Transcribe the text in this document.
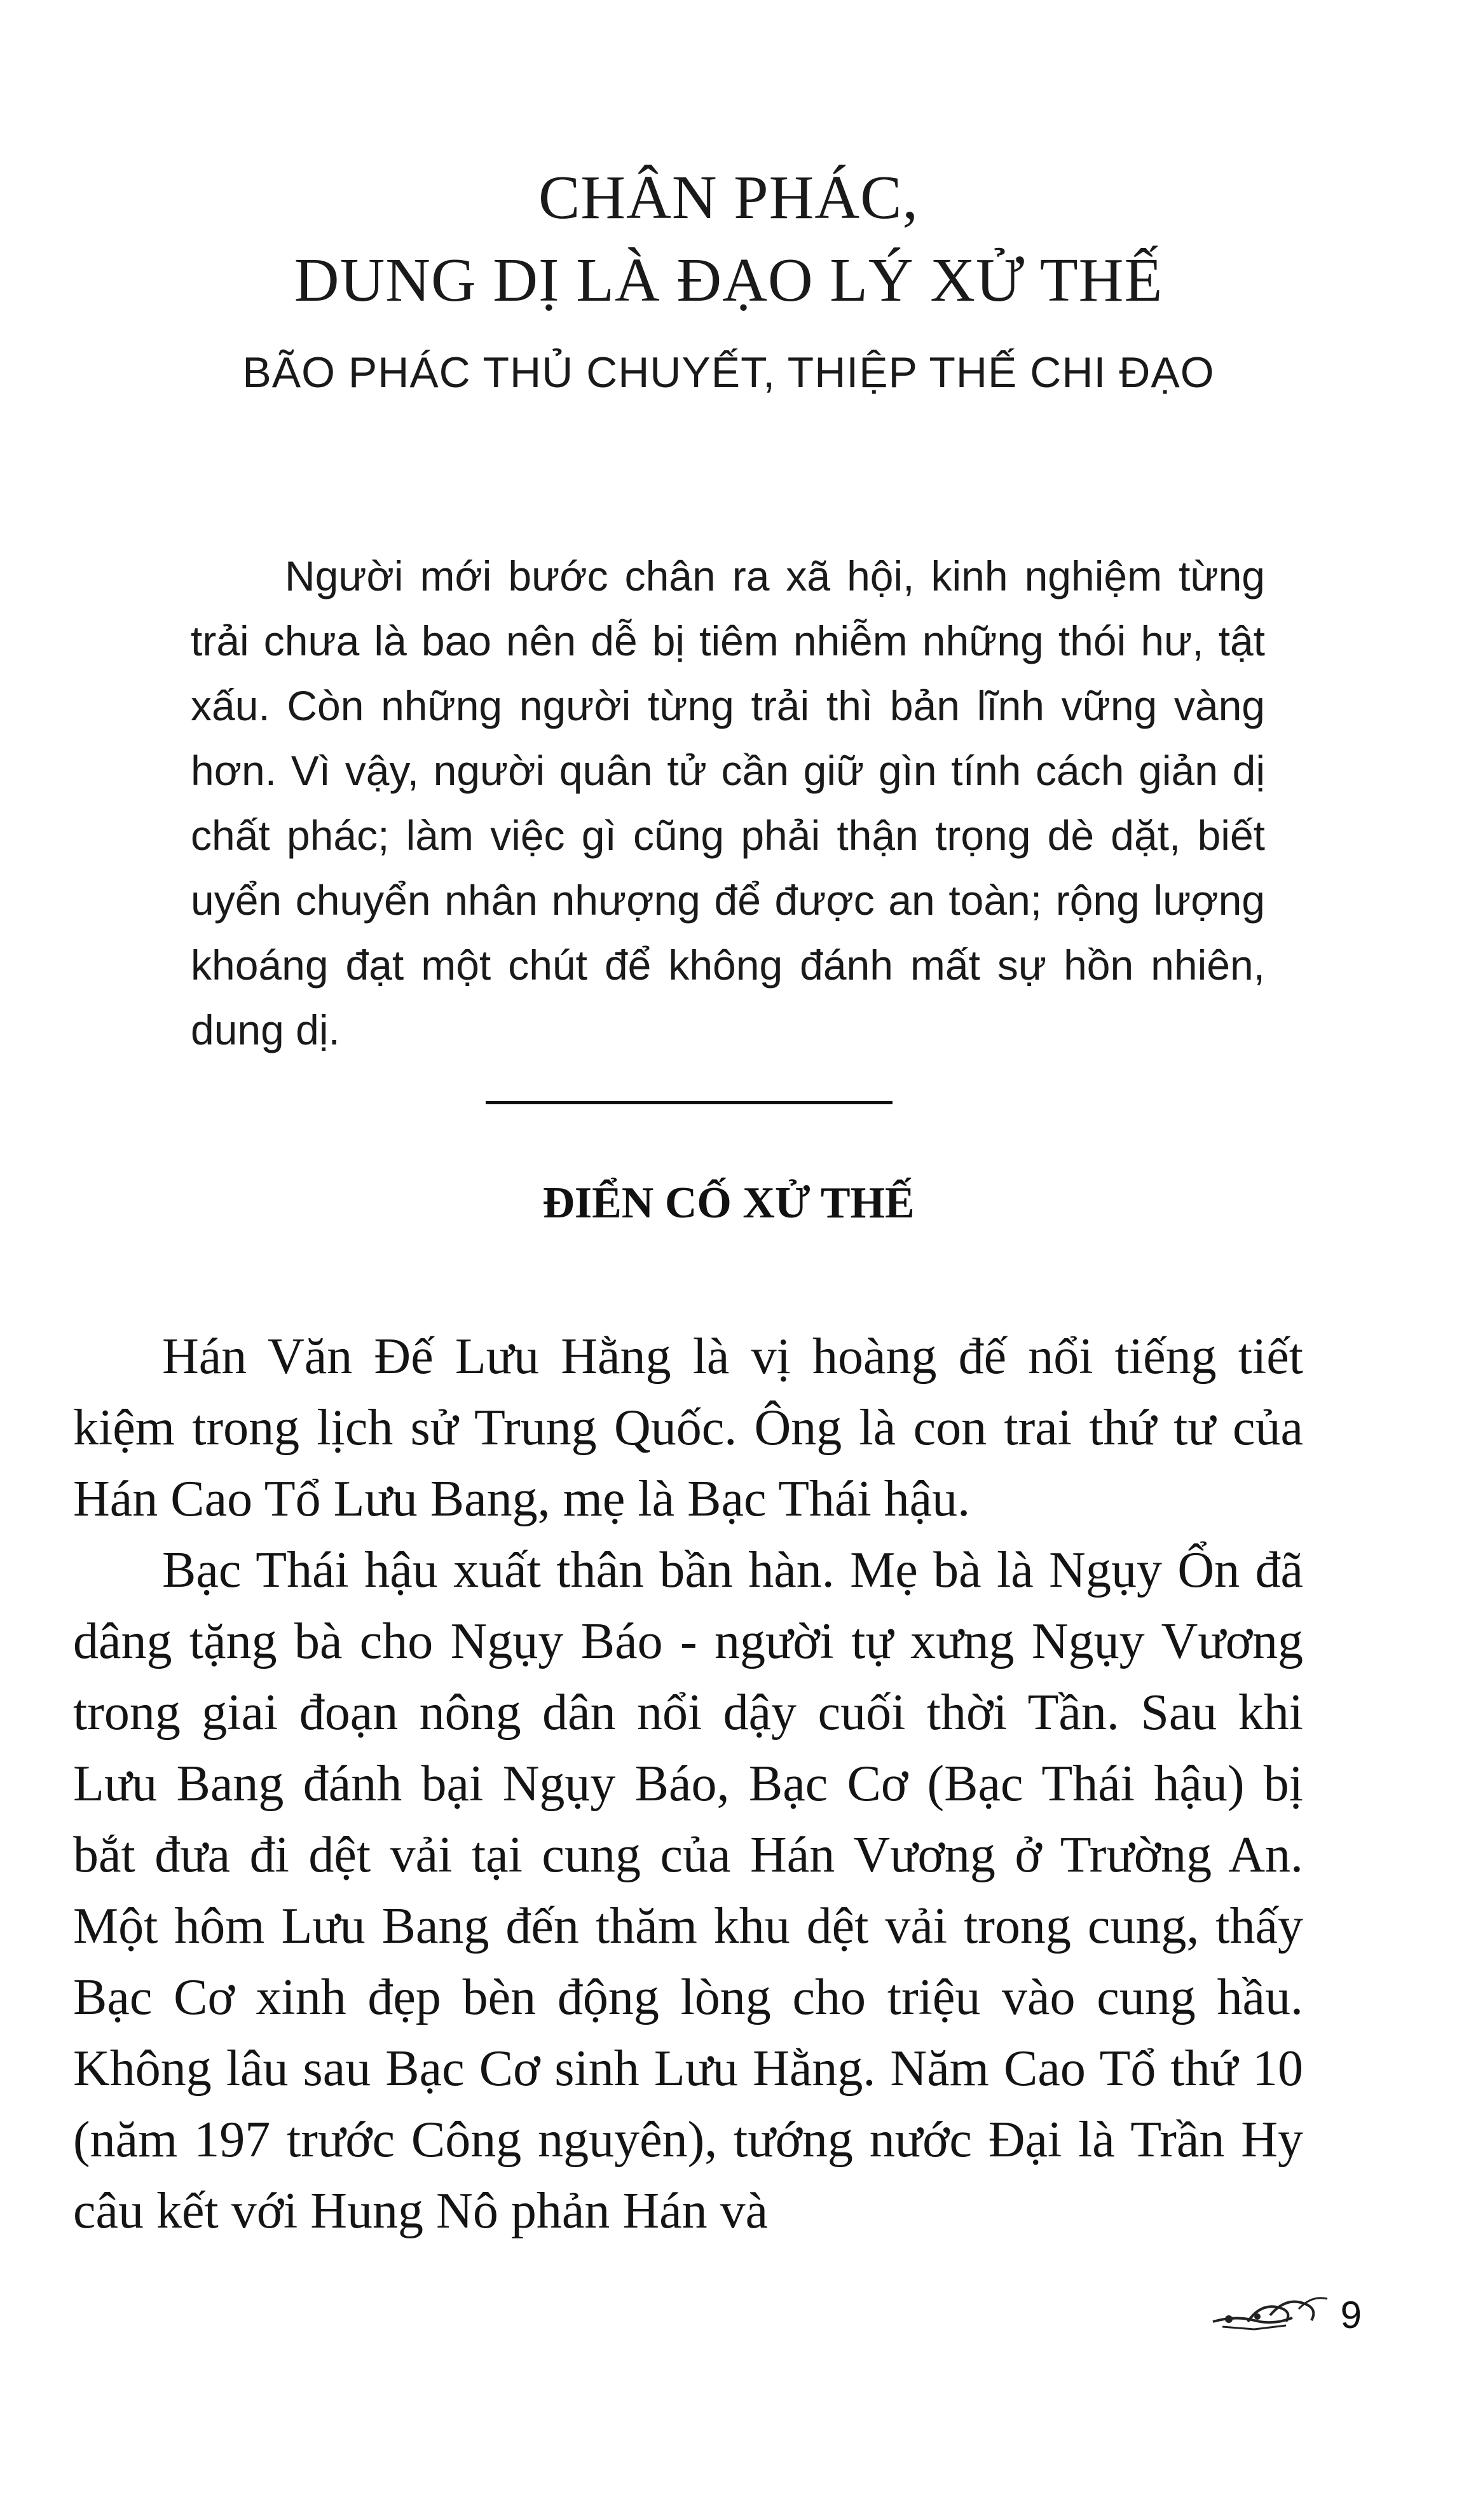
CHÂN PHÁC,
DUNG DỊ LÀ ĐẠO LÝ XỬ THẾ
BÃO PHÁC THỦ CHUYẾT, THIỆP THẾ CHI ĐẠO
Người mới bước chân ra xã hội, kinh nghiệm từng trải chưa là bao nên dễ bị tiêm nhiễm những thói hư, tật xấu. Còn những người từng trải thì bản lĩnh vững vàng hơn. Vì vậy, người quân tử cần giữ gìn tính cách giản dị chất phác; làm việc gì cũng phải thận trọng dè dặt, biết uyển chuyển nhân nhượng để được an toàn; rộng lượng khoáng đạt một chút để không đánh mất sự hồn nhiên, dung dị.
ĐIỂN CỐ XỬ THẾ

Hán Văn Đế Lưu Hằng là vị hoàng đế nổi tiếng tiết kiệm trong lịch sử Trung Quốc. Ông là con trai thứ tư của Hán Cao Tổ Lưu Bang, mẹ là Bạc Thái hậu.

Bạc Thái hậu xuất thân bần hàn. Mẹ bà là Ngụy Ổn đã dâng tặng bà cho Ngụy Báo - người tự xưng Ngụy Vương trong giai đoạn nông dân nổi dậy cuối thời Tần. Sau khi Lưu Bang đánh bại Ngụy Báo, Bạc Cơ (Bạc Thái hậu) bị bắt đưa đi dệt vải tại cung của Hán Vương ở Trường An. Một hôm Lưu Bang đến thăm khu dệt vải trong cung, thấy Bạc Cơ xinh đẹp bèn động lòng cho triệu vào cung hầu. Không lâu sau Bạc Cơ sinh Lưu Hằng. Năm Cao Tổ thứ 10 (năm 197 trước Công nguyên), tướng nước Đại là Trần Hy câu kết với Hung Nô phản Hán và

9
